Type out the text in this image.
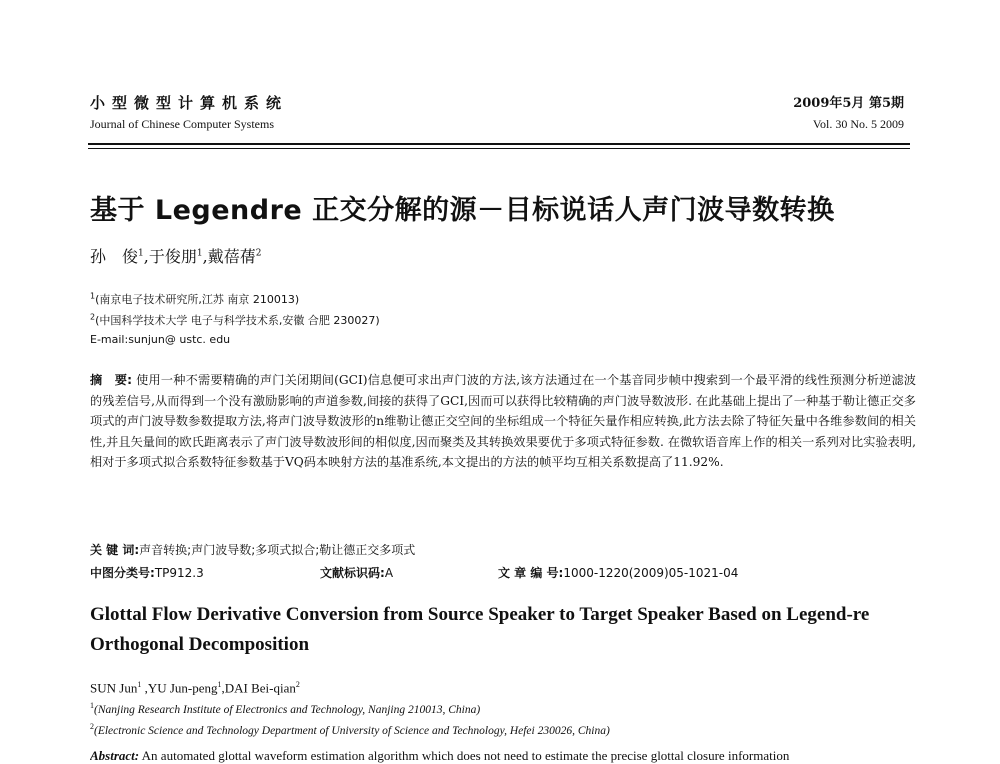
小型微型计算机系统
Journal of Chinese Computer Systems
2009年5月 第5期
Vol. 30 No. 5 2009
基于 Legendre 正交分解的源－目标说话人声门波导数转换
孙　俊$^1$,于俊朋$^1$,戴蓓蒨$^2$
$^1$(南京电子技术研究所,江苏 南京 210013)
$^2$(中国科学技术大学 电子与科学技术系,安徽 合肥 230027)
E-mail:sunjun@ ustc. edu
摘　要: 使用一种不需要精确的声门关闭期间(GCI)信息便可求出声门波的方法,该方法通过在一个基音同步帧中搜索到一个最平滑的线性预测分析逆滤波的残差信号,从而得到一个没有激励影响的声道参数,间接的获得了GCI,因而可以获得比较精确的声门波导数波形. 在此基础上提出了一种基于勒让德正交多项式的声门波导数参数提取方法,将声门波导数波形的n维勒让德正交空间的坐标组成一个特征矢量作相应转换,此方法去除了特征矢量中各维参数间的相关性,并且矢量间的欧氏距离表示了声门波导数波形间的相似度,因而聚类及其转换效果要优于多项式特征参数. 在微软语音库上作的相关一系列对比实验表明,相对于多项式拟合系数特征参数基于VQ码本映射方法的基准系统,本文提出的方法的帧平均互相关系数提高了11.92%.
关 键 词:声音转换;声门波导数;多项式拟合;勒让德正交多项式
中图分类号:TP912.3	文献标识码:A	文 章 编 号:1000-1220(2009)05-1021-04
Glottal Flow Derivative Conversion from Source Speaker to Target Speaker Based on Legend-re Orthogonal Decomposition
SUN Jun$^1$ ,YU Jun-peng$^1$,DAI Bei-qian$^2$
$^1$(Nanjing Research Institute of Electronics and Technology, Nanjing 210013, China)
$^2$(Electronic Science and Technology Department of University of Science and Technology, Hefei 230026, China)
Abstract: An automated glottal waveform estimation algorithm which does not need to estimate the precise glottal closure information
